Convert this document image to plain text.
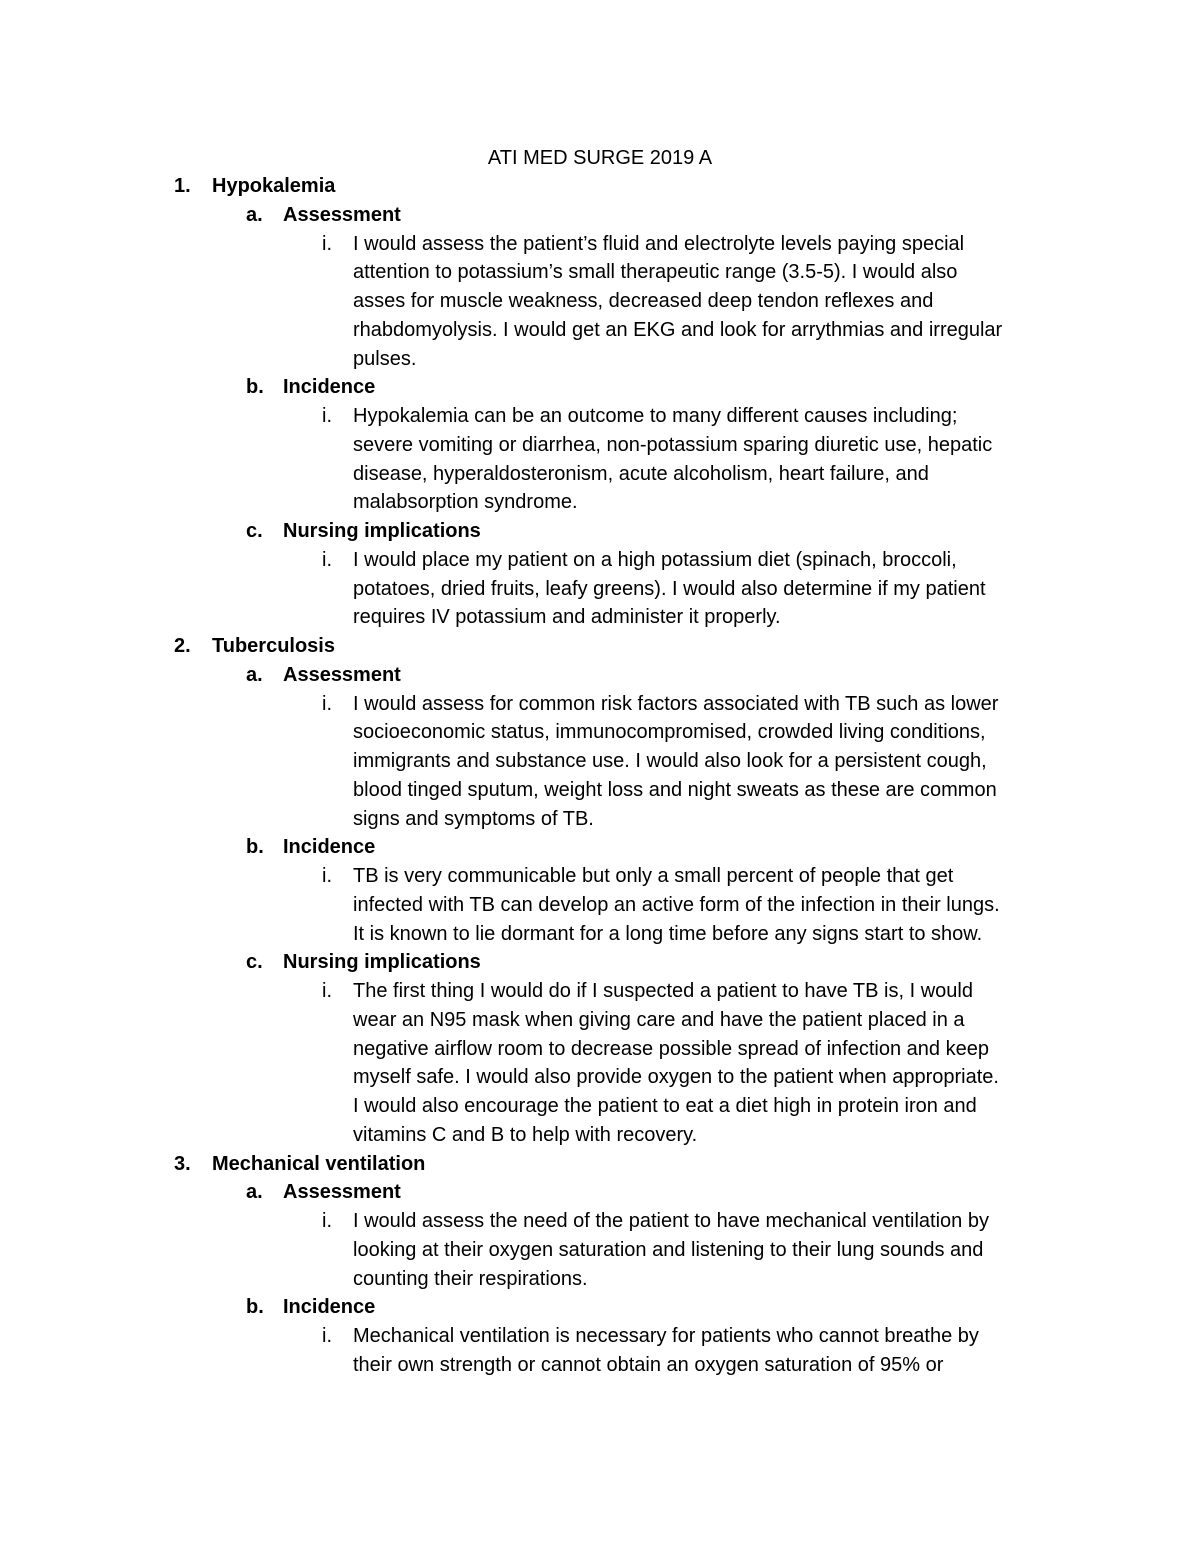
ATI MED SURGE 2019 A
1. Hypokalemia
a. Assessment
i. I would assess the patient’s fluid and electrolyte levels paying special
attention to potassium’s small therapeutic range (3.5-5). I would also
asses for muscle weakness, decreased deep tendon reflexes and
rhabdomyolysis. I would get an EKG and look for arrythmias and irregular
pulses.
b. Incidence
i. Hypokalemia can be an outcome to many different causes including;
severe vomiting or diarrhea, non-potassium sparing diuretic use, hepatic
disease, hyperaldosteronism, acute alcoholism, heart failure, and
malabsorption syndrome.
c. Nursing implications
i. I would place my patient on a high potassium diet (spinach, broccoli,
potatoes, dried fruits, leafy greens). I would also determine if my patient
requires IV potassium and administer it properly.
2. Tuberculosis
a. Assessment
i. I would assess for common risk factors associated with TB such as lower
socioeconomic status, immunocompromised, crowded living conditions,
immigrants and substance use. I would also look for a persistent cough,
blood tinged sputum, weight loss and night sweats as these are common
signs and symptoms of TB.
b. Incidence
i. TB is very communicable but only a small percent of people that get
infected with TB can develop an active form of the infection in their lungs.
It is known to lie dormant for a long time before any signs start to show.
c. Nursing implications
i. The first thing I would do if I suspected a patient to have TB is, I would
wear an N95 mask when giving care and have the patient placed in a
negative airflow room to decrease possible spread of infection and keep
myself safe. I would also provide oxygen to the patient when appropriate.
I would also encourage the patient to eat a diet high in protein iron and
vitamins C and B to help with recovery.
3. Mechanical ventilation
a. Assessment
i. I would assess the need of the patient to have mechanical ventilation by
looking at their oxygen saturation and listening to their lung sounds and
counting their respirations.
b. Incidence
i. Mechanical ventilation is necessary for patients who cannot breathe by
their own strength or cannot obtain an oxygen saturation of 95% or
